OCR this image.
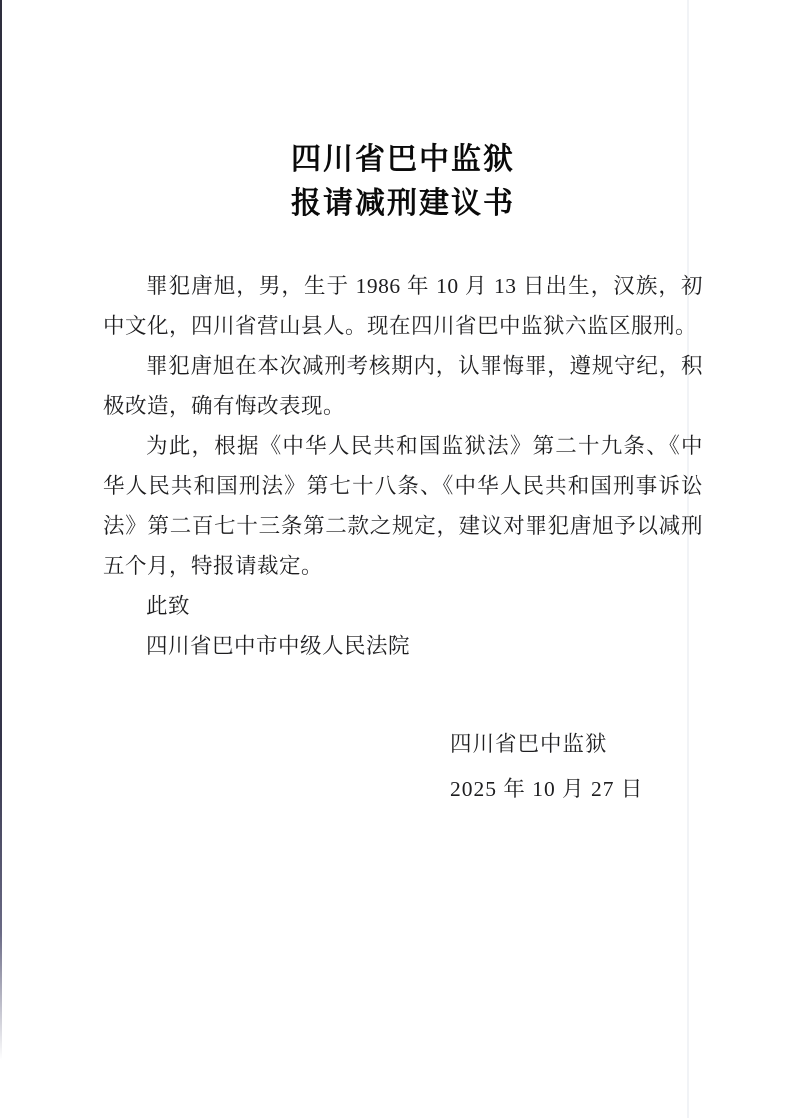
四川省巴中监狱
报请减刑建议书

罪犯唐旭，男，生于 1986 年 10 月 13 日出生，汉族，初中文化，四川省营山县人。现在四川省巴中监狱六监区服刑。

罪犯唐旭在本次减刑考核期内，认罪悔罪，遵规守纪，积极改造，确有悔改表现。

为此，根据《中华人民共和国监狱法》第二十九条、《中华人民共和国刑法》第七十八条、《中华人民共和国刑事诉讼法》第二百七十三条第二款之规定，建议对罪犯唐旭予以减刑五个月，特报请裁定。

此致

四川省巴中市中级人民法院

四川省巴中监狱
2025 年 10 月 27 日
